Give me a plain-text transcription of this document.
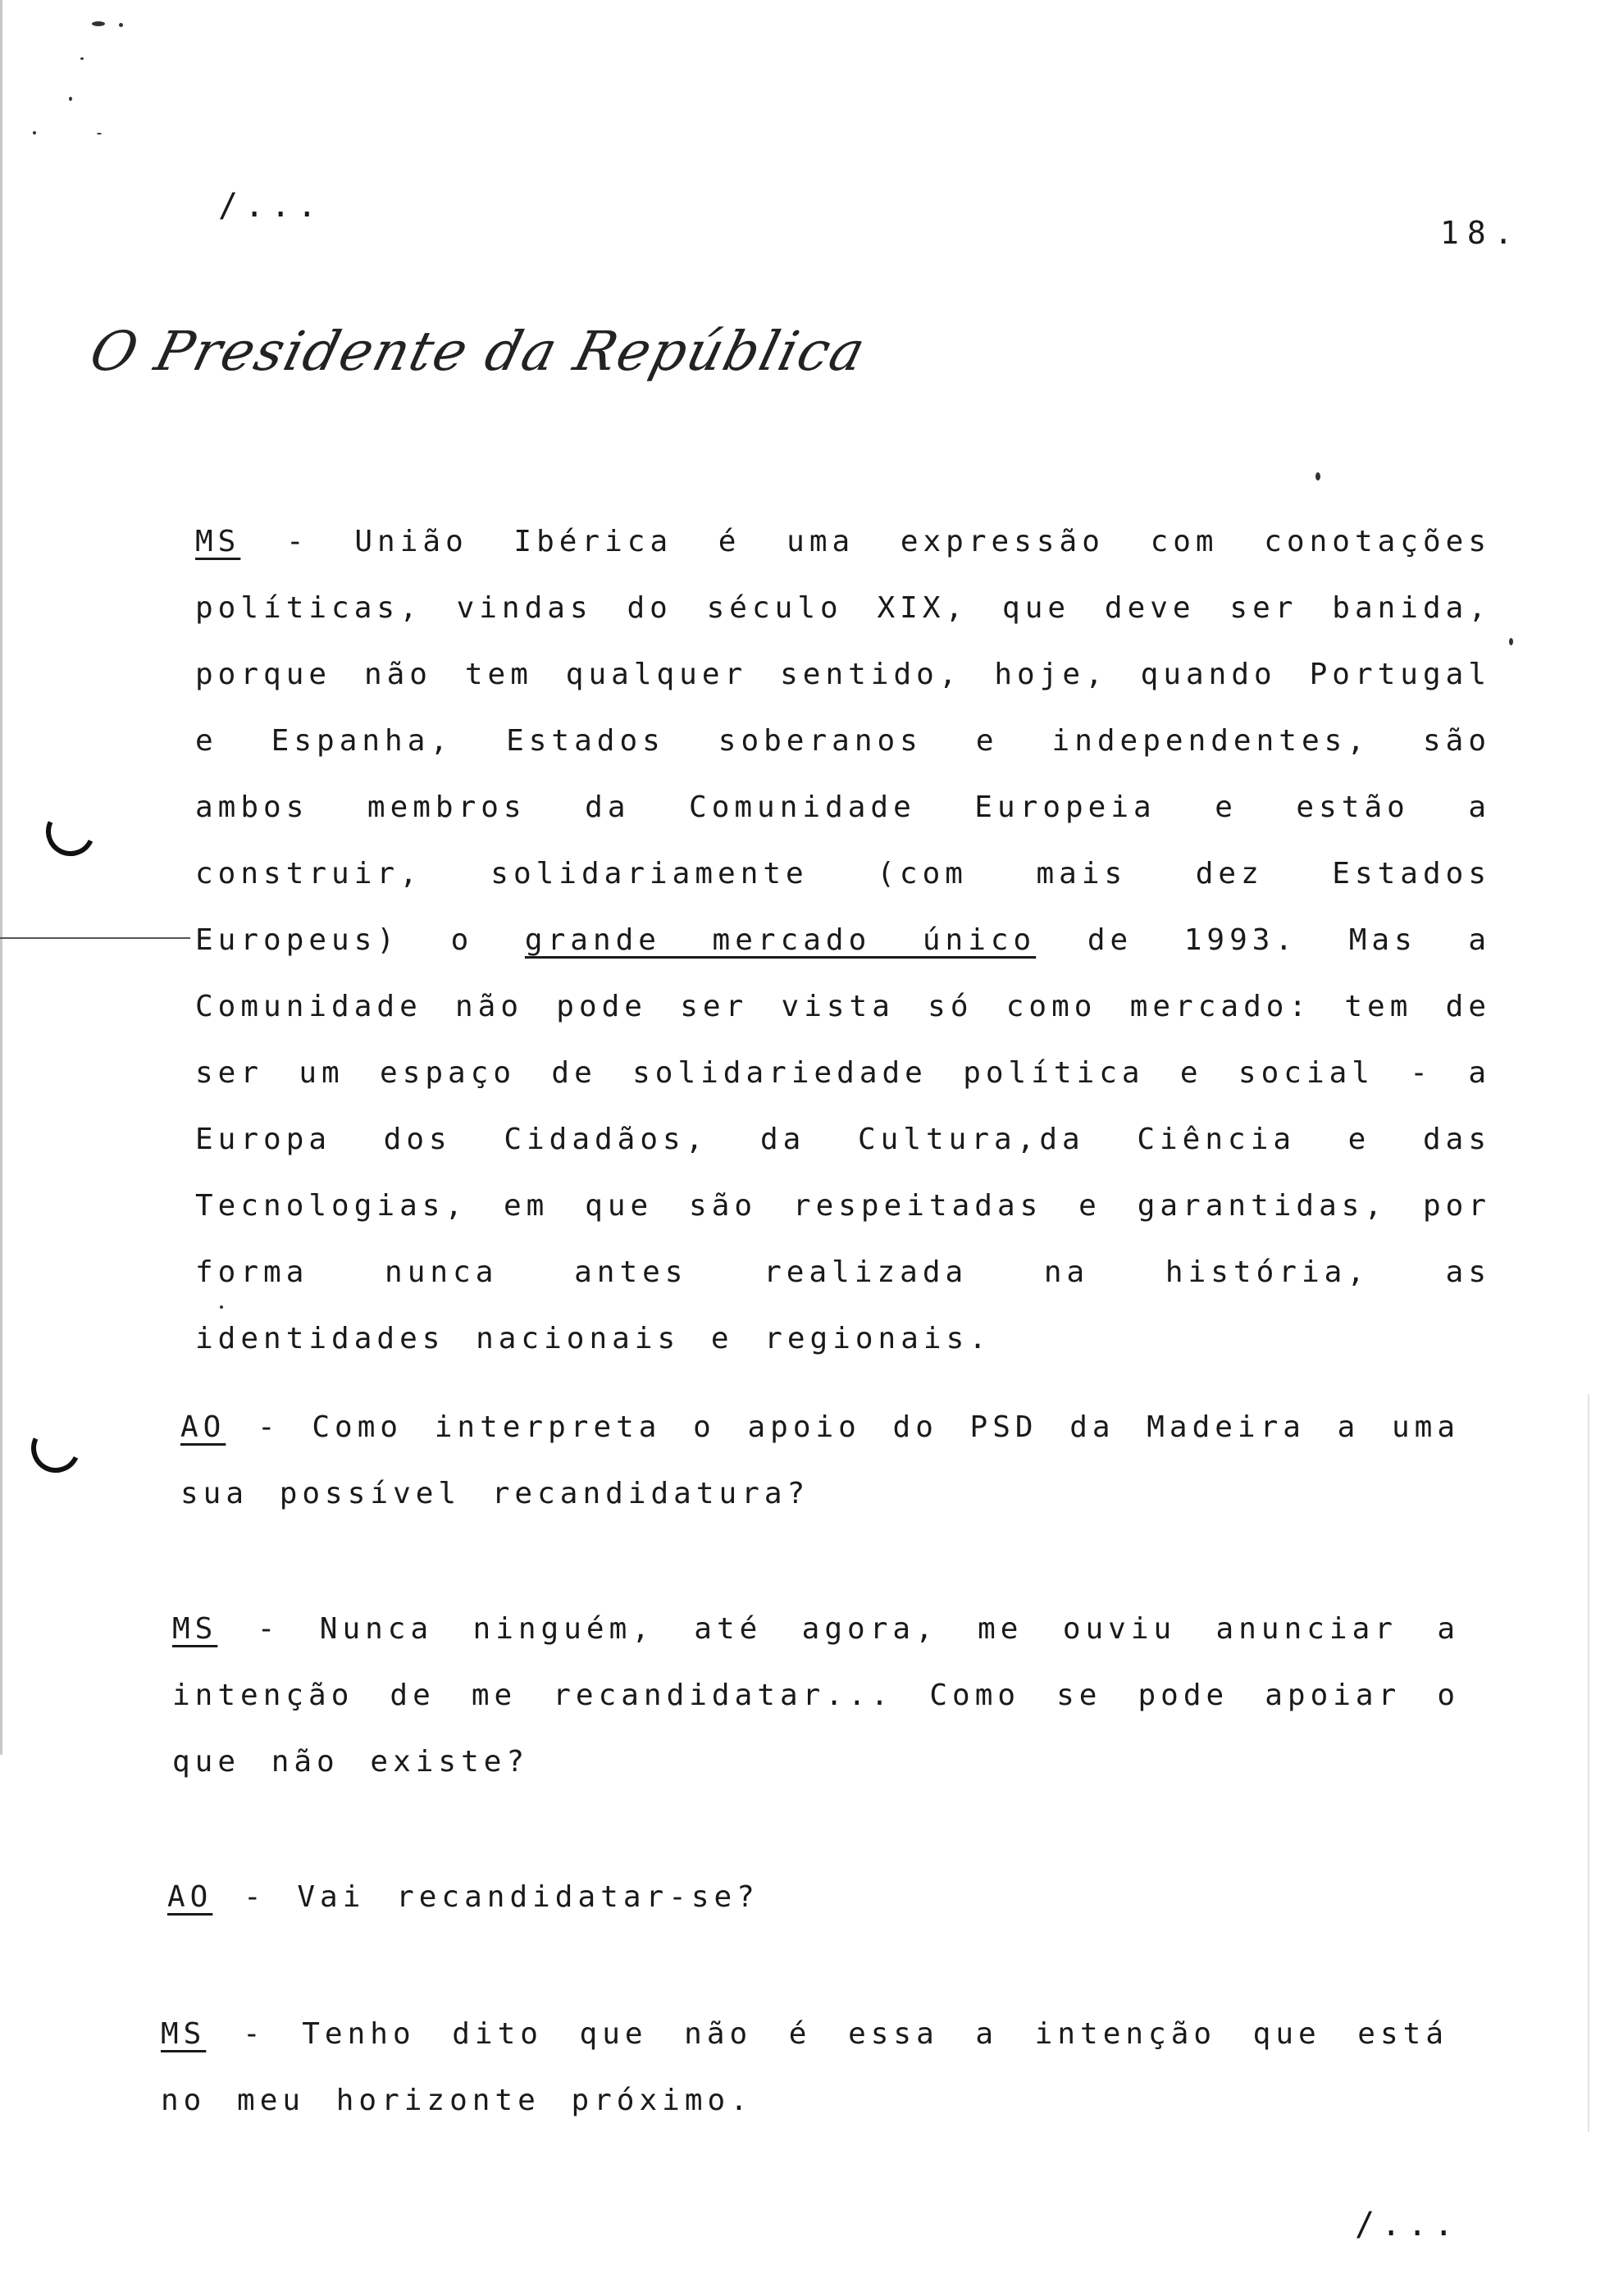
/...
18.
O Presidente da República
MS - União Ibérica é uma expressão com conotações políticas, vindas do século XIX, que deve ser banida, porque não tem qualquer sentido, hoje, quando Portugal e Espanha, Estados soberanos e independentes, são ambos membros da Comunidade Europeia e estão a construir, solidariamente (com mais dez Estados Europeus) o grande mercado único de 1993. Mas a Comunidade não pode ser vista só como mercado: tem de ser um espaço de solidariedade política e social - a Europa dos Cidadãos, da Cultura,da Ciência e das Tecnologias, em que são respeitadas e garantidas, por forma nunca antes realizada na história, as identidades nacionais e regionais.
AO - Como interpreta o apoio do PSD da Madeira a uma sua possível recandidatura?
MS - Nunca ninguém, até agora, me ouviu anunciar a intenção de me recandidatar... Como se pode apoiar o que não existe?
AO - Vai recandidatar-se?
MS - Tenho dito que não é essa a intenção que está no meu horizonte próximo.
/...
